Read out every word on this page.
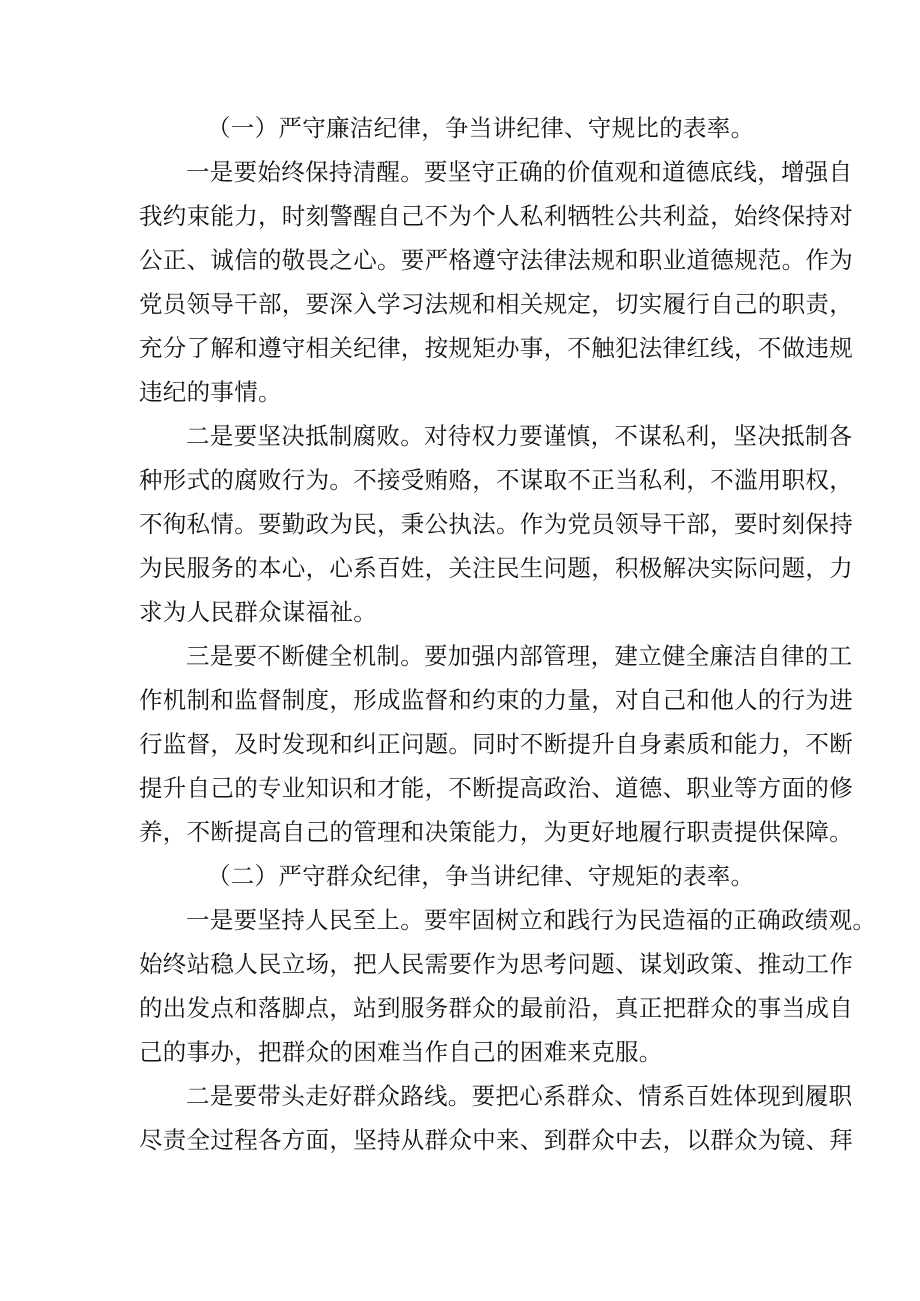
（一）严守廉洁纪律，争当讲纪律、守规比的表率。
一是要始终保持清醒。要坚守正确的价值观和道德底线，增强自
我约束能力，时刻警醒自己不为个人私利牺牲公共利益，始终保持对
公正、诚信的敬畏之心。要严格遵守法律法规和职业道德规范。作为
党员领导干部，要深入学习法规和相关规定，切实履行自己的职责，
充分了解和遵守相关纪律，按规矩办事，不触犯法律红线，不做违规
违纪的事情。
二是要坚决抵制腐败。对待权力要谨慎，不谋私利，坚决抵制各
种形式的腐败行为。不接受贿赂，不谋取不正当私利，不滥用职权，
不徇私情。要勤政为民，秉公执法。作为党员领导干部，要时刻保持
为民服务的本心，心系百姓，关注民生问题，积极解决实际问题，力
求为人民群众谋福祉。
三是要不断健全机制。要加强内部管理，建立健全廉洁自律的工
作机制和监督制度，形成监督和约束的力量，对自己和他人的行为进
行监督，及时发现和纠正问题。同时不断提升自身素质和能力，不断
提升自己的专业知识和才能，不断提高政治、道德、职业等方面的修
养，不断提高自己的管理和决策能力，为更好地履行职责提供保障。
（二）严守群众纪律，争当讲纪律、守规矩的表率。
一是要坚持人民至上。要牢固树立和践行为民造福的正确政绩观。
始终站稳人民立场，把人民需要作为思考问题、谋划政策、推动工作
的出发点和落脚点，站到服务群众的最前沿，真正把群众的事当成自
己的事办，把群众的困难当作自己的困难来克服。
二是要带头走好群众路线。要把心系群众、情系百姓体现到履职
尽责全过程各方面，坚持从群众中来、到群众中去，以群众为镜、拜
